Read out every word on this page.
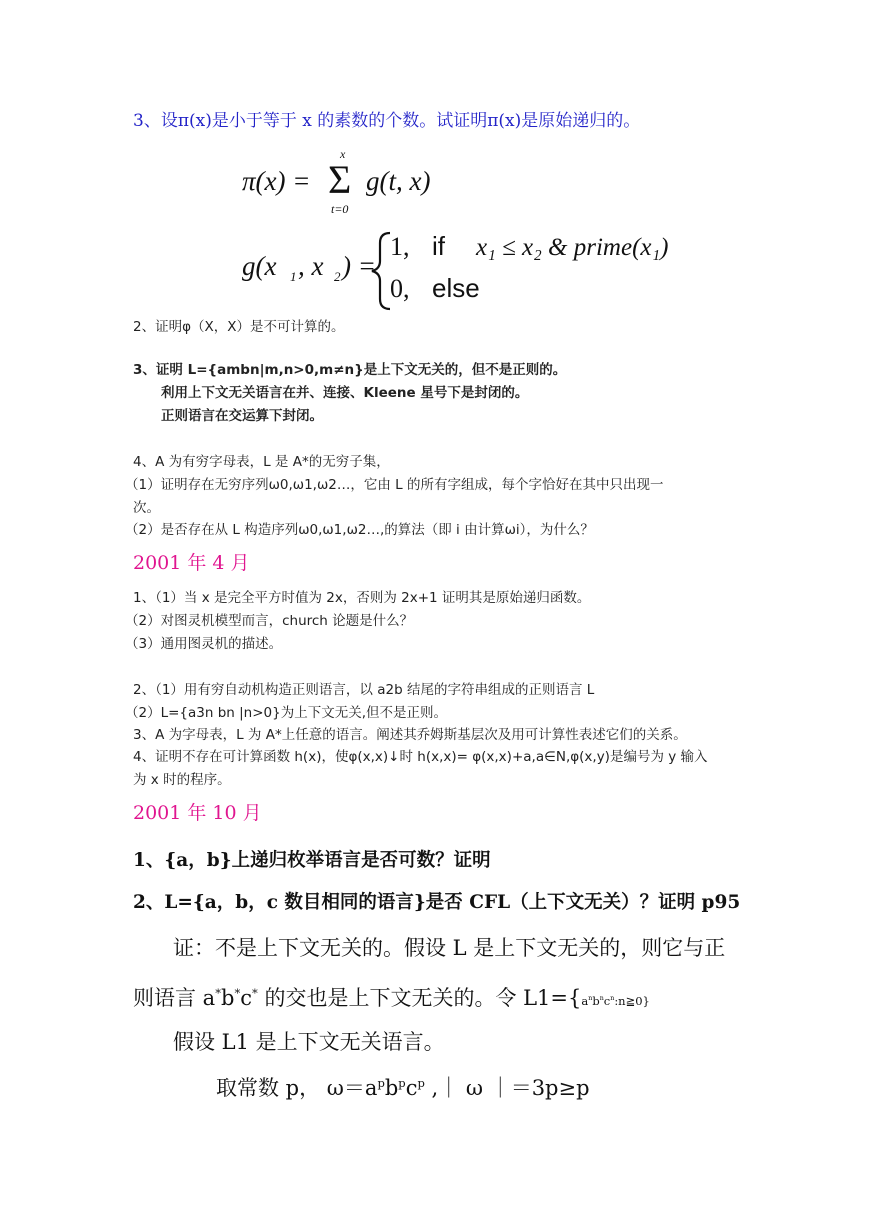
3、设π(x)是小于等于 x 的素数的个数。试证明π(x)是原始递归的。
π(x) =
x
Σ
t=0
g(t, x)
g(x 1 , x 2 ) =
1, if x₁ ≤ x₂ & prime(x₁)
0, else
2、证明φ（X，X）是不可计算的。
3、证明 L={ambn|m,n>0,m≠n}是上下文无关的，但不是正则的。
利用上下文无关语言在并、连接、Kleene 星号下是封闭的。
正则语言在交运算下封闭。
4、A 为有穷字母表，L 是 A*的无穷子集，
（1）证明存在无穷序列ω0,ω1,ω2…，它由 L 的所有字组成，每个字恰好在其中只出现一
次。
（2）是否存在从 L 构造序列ω0,ω1,ω2…,的算法（即 i 由计算ωi），为什么？
2001 年 4 月
1、（1）当 x 是完全平方时值为 2x，否则为 2x+1 证明其是原始递归函数。
（2）对图灵机模型而言，church 论题是什么？
（3）通用图灵机的描述。
2、（1）用有穷自动机构造正则语言，以 a2b 结尾的字符串组成的正则语言 L
（2）L={a3n bn |n>0}为上下文无关,但不是正则。
3、A 为字母表，L 为 A*上任意的语言。阐述其乔姆斯基层次及用可计算性表述它们的关系。
4、证明不存在可计算函数 h(x)，使φ(x,x)↓时 h(x,x)= φ(x,x)+a,a∈N,φ(x,y)是编号为 y 输入
为 x 时的程序。
2001 年 10 月
1、{a，b}上递归枚举语言是否可数？证明
2、L={a，b，c 数目相同的语言}是否 CFL（上下文无关）？证明 p95
证：不是上下文无关的。假设 L 是上下文无关的，则它与正
则语言 a*b*c* 的交也是上下文无关的。令 $L1=\{a^nb^nc^n:n≧0\}$
假设 L1 是上下文无关语言。
取常数 p， $\omega=a^pb^pc^p$ ,｜ ω ｜＝3p≥p
